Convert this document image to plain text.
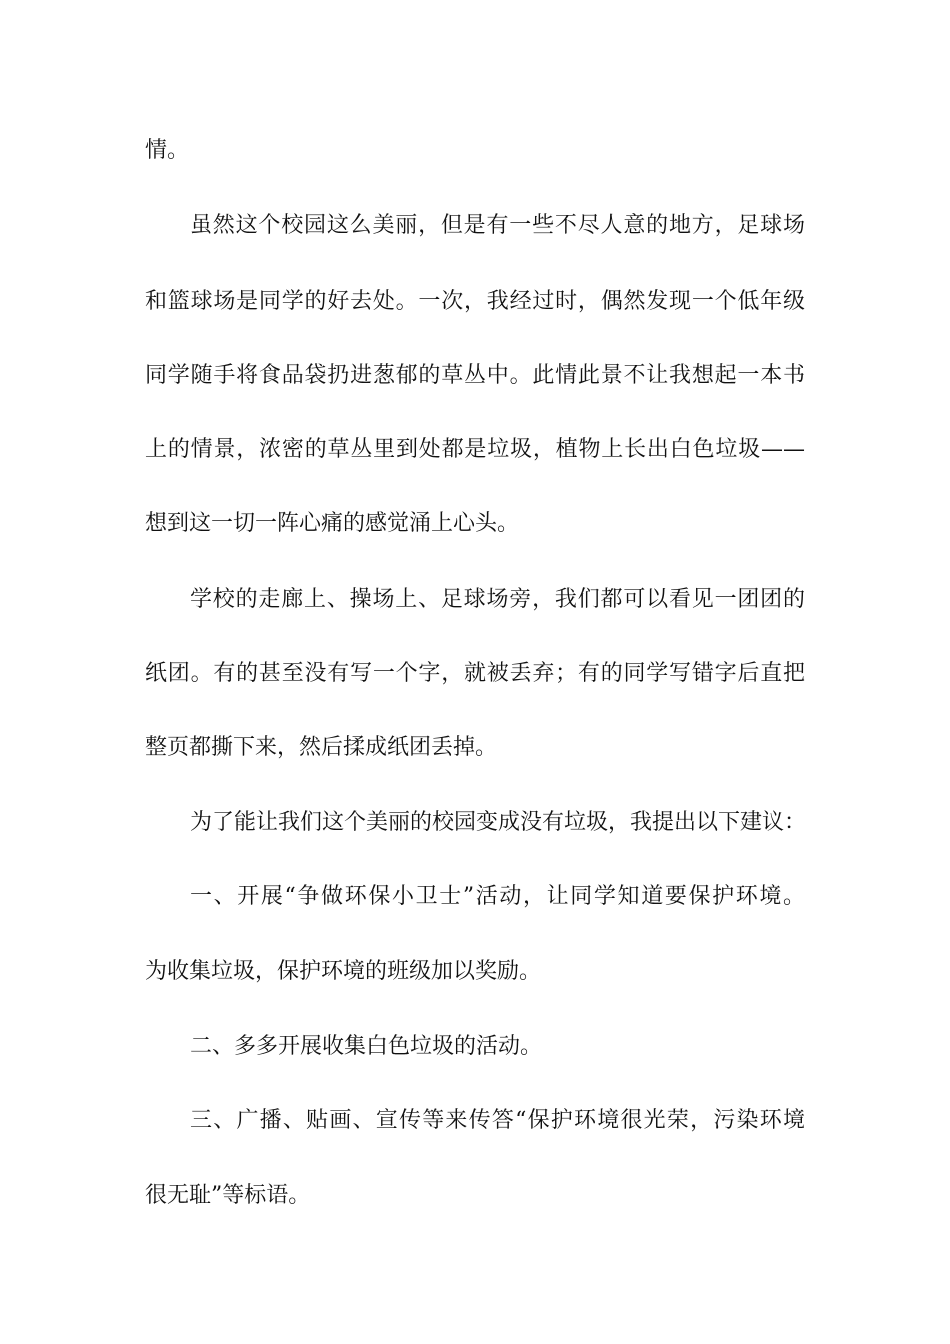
情。
虽然这个校园这么美丽，但是有一些不尽人意的地方，足球场
和篮球场是同学的好去处。一次，我经过时，偶然发现一个低年级
同学随手将食品袋扔进葱郁的草丛中。此情此景不让我想起一本书
上的情景，浓密的草丛里到处都是垃圾，植物上长出白色垃圾——
想到这一切一阵心痛的感觉涌上心头。
学校的走廊上、操场上、足球场旁，我们都可以看见一团团的
纸团。有的甚至没有写一个字，就被丢弃；有的同学写错字后直把
整页都撕下来，然后揉成纸团丢掉。
为了能让我们这个美丽的校园变成没有垃圾，我提出以下建议：
一、开展“争做环保小卫士”活动，让同学知道要保护环境。
为收集垃圾，保护环境的班级加以奖励。
二、多多开展收集白色垃圾的活动。
三、广播、贴画、宣传等来传答“保护环境很光荣，污染环境
很无耻”等标语。
